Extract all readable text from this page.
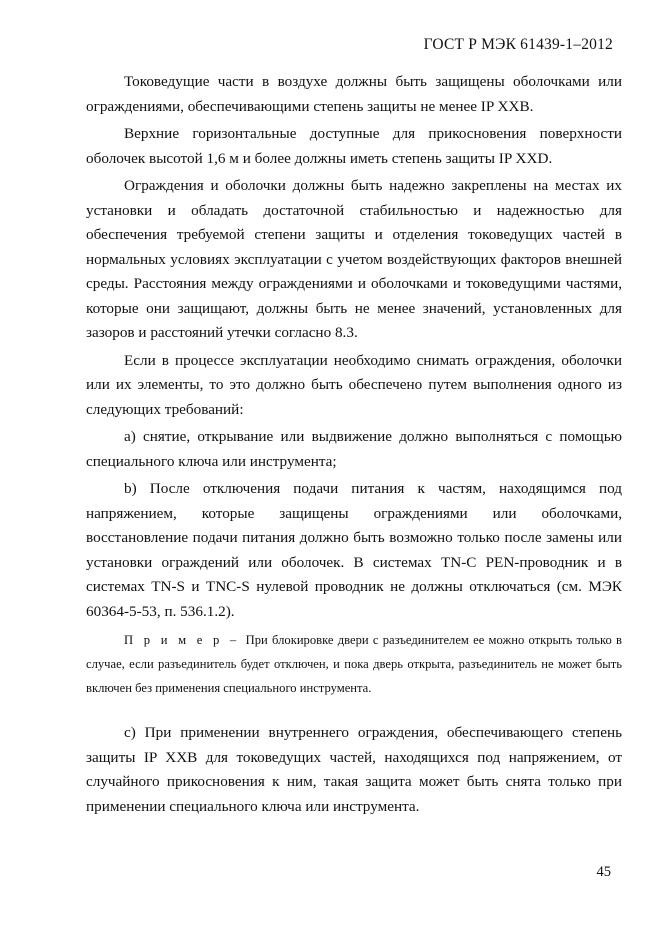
ГОСТ Р МЭК 61439-1–2012

Токоведущие части в воздухе должны быть защищены оболочками или ограждениями, обеспечивающими степень защиты не менее IP XXB.

Верхние горизонтальные доступные для прикосновения поверхности оболочек высотой 1,6 м и более должны иметь степень защиты IP XXD.

Ограждения и оболочки должны быть надежно закреплены на местах их установки и обладать достаточной стабильностью и надежностью для обеспечения требуемой степени защиты и отделения токоведущих частей в нормальных условиях эксплуатации с учетом воздействующих факторов внешней среды. Расстояния между ограждениями и оболочками и токоведущими частями, которые они защищают, должны быть не менее значений, установленных для зазоров и расстояний утечки согласно 8.3.

Если в процессе эксплуатации необходимо снимать ограждения, оболочки или их элементы, то это должно быть обеспечено путем выполнения одного из следующих требований:

а) снятие, открывание или выдвижение должно выполняться с помощью специального ключа или инструмента;

b) После отключения подачи питания к частям, находящимся под напряжением, которые защищены ограждениями или оболочками, восстановление подачи питания должно быть возможно только после замены или установки ограждений или оболочек. В системах TN-C PEN-проводник и в системах TN-S и TNC-S нулевой проводник не должны отключаться (см. МЭК 60364-5-53, п. 536.1.2).

П р и м е р – При блокировке двери с разъединителем ее можно открыть только в случае, если разъединитель будет отключен, и пока дверь открыта, разъединитель не может быть включен без применения специального инструмента.

с) При применении внутреннего ограждения, обеспечивающего степень защиты IP XXB для токоведущих частей, находящихся под напряжением, от случайного прикосновения к ним, такая защита может быть снята только при применении специального ключа или инструмента.

45
